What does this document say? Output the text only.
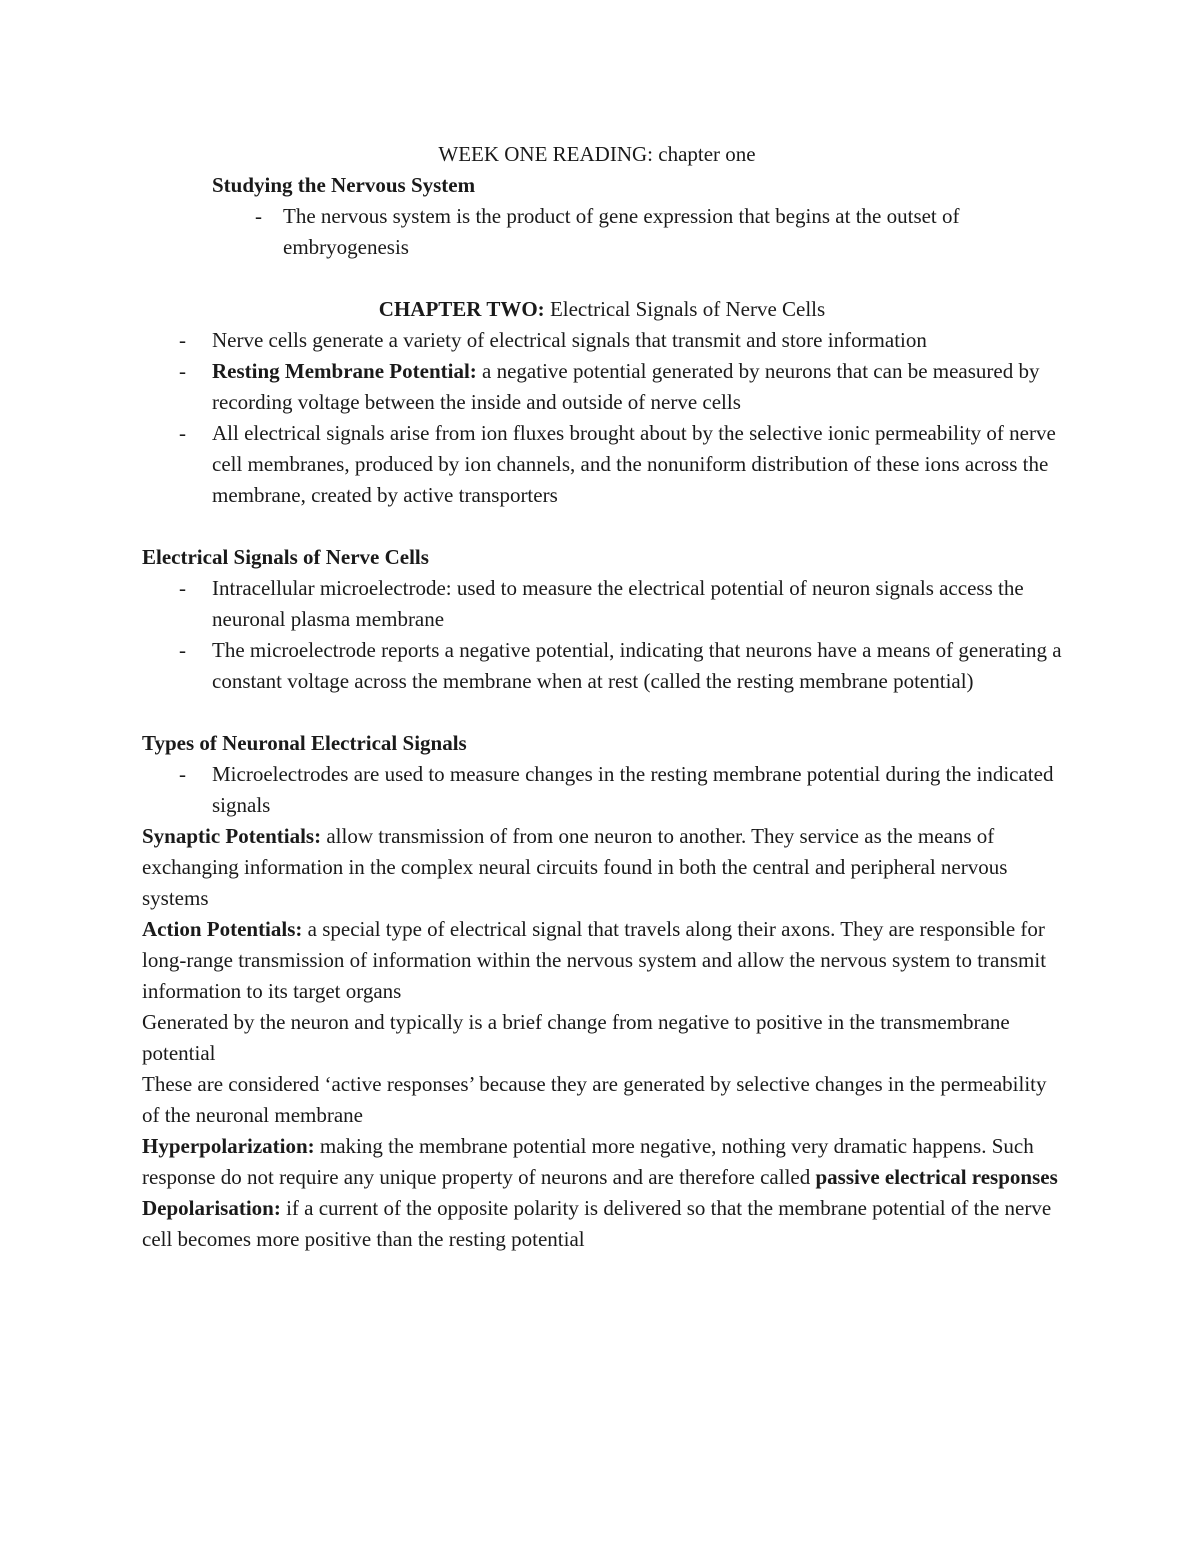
WEEK ONE READING: chapter one

Studying the Nervous System

- The nervous system is the product of gene expression that begins at the outset of embryogenesis

CHAPTER TWO: Electrical Signals of Nerve Cells

- Nerve cells generate a variety of electrical signals that transmit and store information
- Resting Membrane Potential: a negative potential generated by neurons that can be measured by recording voltage between the inside and outside of nerve cells
- All electrical signals arise from ion fluxes brought about by the selective ionic permeability of nerve cell membranes, produced by ion channels, and the nonuniform distribution of these ions across the membrane, created by active transporters

Electrical Signals of Nerve Cells

- Intracellular microelectrode: used to measure the electrical potential of neuron signals access the neuronal plasma membrane
- The microelectrode reports a negative potential, indicating that neurons have a means of generating a constant voltage across the membrane when at rest (called the resting membrane potential)

Types of Neuronal Electrical Signals

- Microelectrodes are used to measure changes in the resting membrane potential during the indicated signals

Synaptic Potentials: allow transmission of from one neuron to another. They service as the means of exchanging information in the complex neural circuits found in both the central and peripheral nervous systems

Action Potentials: a special type of electrical signal that travels along their axons. They are responsible for long-range transmission of information within the nervous system and allow the nervous system to transmit information to its target organs

Generated by the neuron and typically is a brief change from negative to positive in the transmembrane potential

These are considered ‘active responses’ because they are generated by selective changes in the permeability of the neuronal membrane

Hyperpolarization: making the membrane potential more negative, nothing very dramatic happens. Such response do not require any unique property of neurons and are therefore called passive electrical responses

Depolarisation: if a current of the opposite polarity is delivered so that the membrane potential of the nerve cell becomes more positive than the resting potential
